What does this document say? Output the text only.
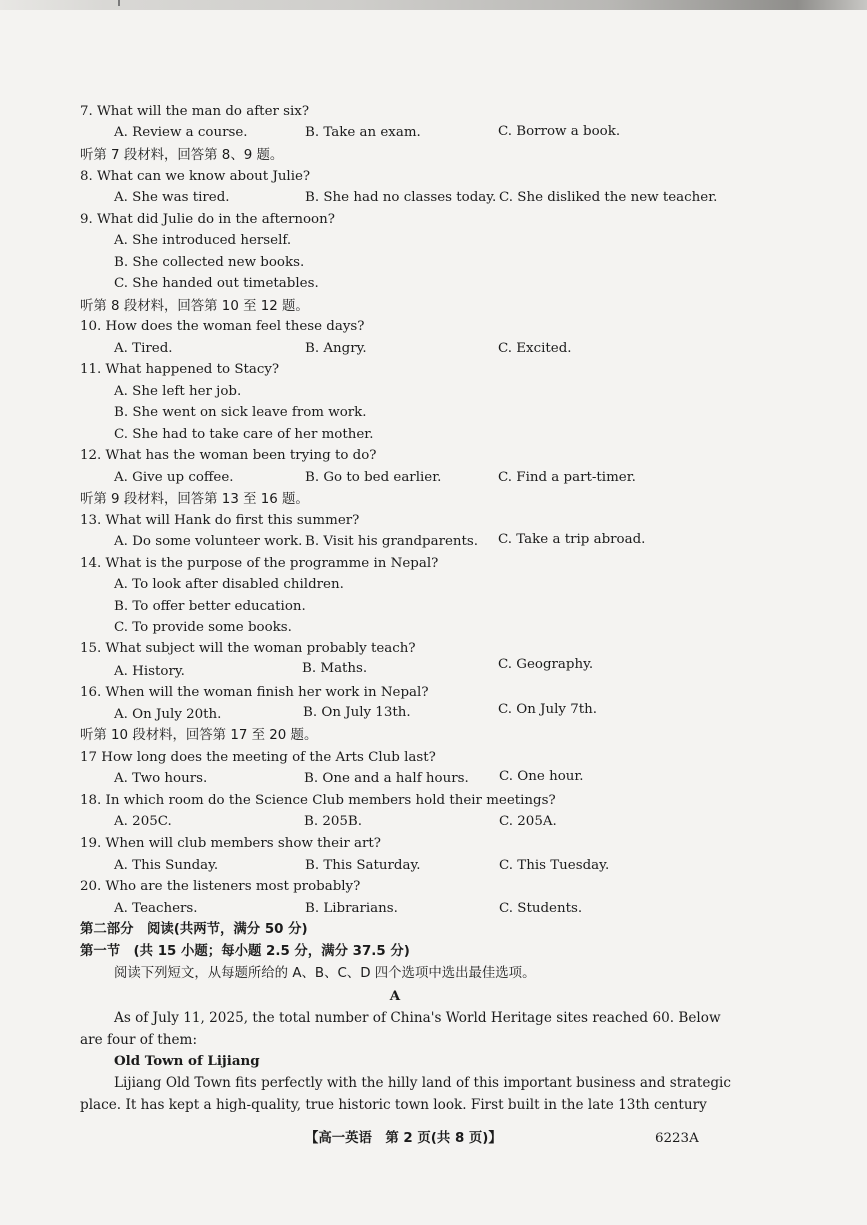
7. What will the man do after six?
A. Review a course.	B. Take an exam.	C. Borrow a book.
听第 7 段材料，回答第 8、9 题。
8. What can we know about Julie?
A. She was tired.	B. She had no classes today. C. She disliked the new teacher.
9. What did Julie do in the afternoon?
A. She introduced herself.
B. She collected new books.
C. She handed out timetables.
听第 8 段材料，回答第 10 至 12 题。
10. How does the woman feel these days?
A. Tired.	B. Angry.	C. Excited.
11. What happened to Stacy?
A. She left her job.
B. She went on sick leave from work.
C. She had to take care of her mother.
12. What has the woman been trying to do?
A. Give up coffee.	B. Go to bed earlier.	C. Find a part-timer.
听第 9 段材料，回答第 13 至 16 题。
13. What will Hank do first this summer?
A. Do some volunteer work. B. Visit his grandparents. C. Take a trip abroad.
14. What is the purpose of the programme in Nepal?
A. To look after disabled children.
B. To offer better education.
C. To provide some books.
15. What subject will the woman probably teach?
A. History.	B. Maths.	C. Geography.
16. When will the woman finish her work in Nepal?
A. On July 20th.	B. On July 13th.	C. On July 7th.
听第 10 段材料，回答第 17 至 20 题。
17 How long does the meeting of the Arts Club last?
A. Two hours.	B. One and a half hours. C. One hour.
18. In which room do the Science Club members hold their meetings?
A. 205C.	B. 205B.	C. 205A.
19. When will club members show their art?
A. This Sunday.	B. This Saturday.	C. This Tuesday.
20. Who are the listeners most probably?
A. Teachers.	B. Librarians.	C. Students.
第二部分　阅读(共两节，满分 50 分)
第一节　(共 15 小题；每小题 2.5 分，满分 37.5 分)
阅读下列短文，从每题所给的 A、B、C、D 四个选项中选出最佳选项。
A
As of July 11, 2025, the total number of China's World Heritage sites reached 60. Below
are four of them:
Old Town of Lijiang
Lijiang Old Town fits perfectly with the hilly land of this important business and strategic
place. It has kept a high-quality, true historic town look. First built in the late 13th century
【高一英语　第 2 页(共 8 页)】	6223A
